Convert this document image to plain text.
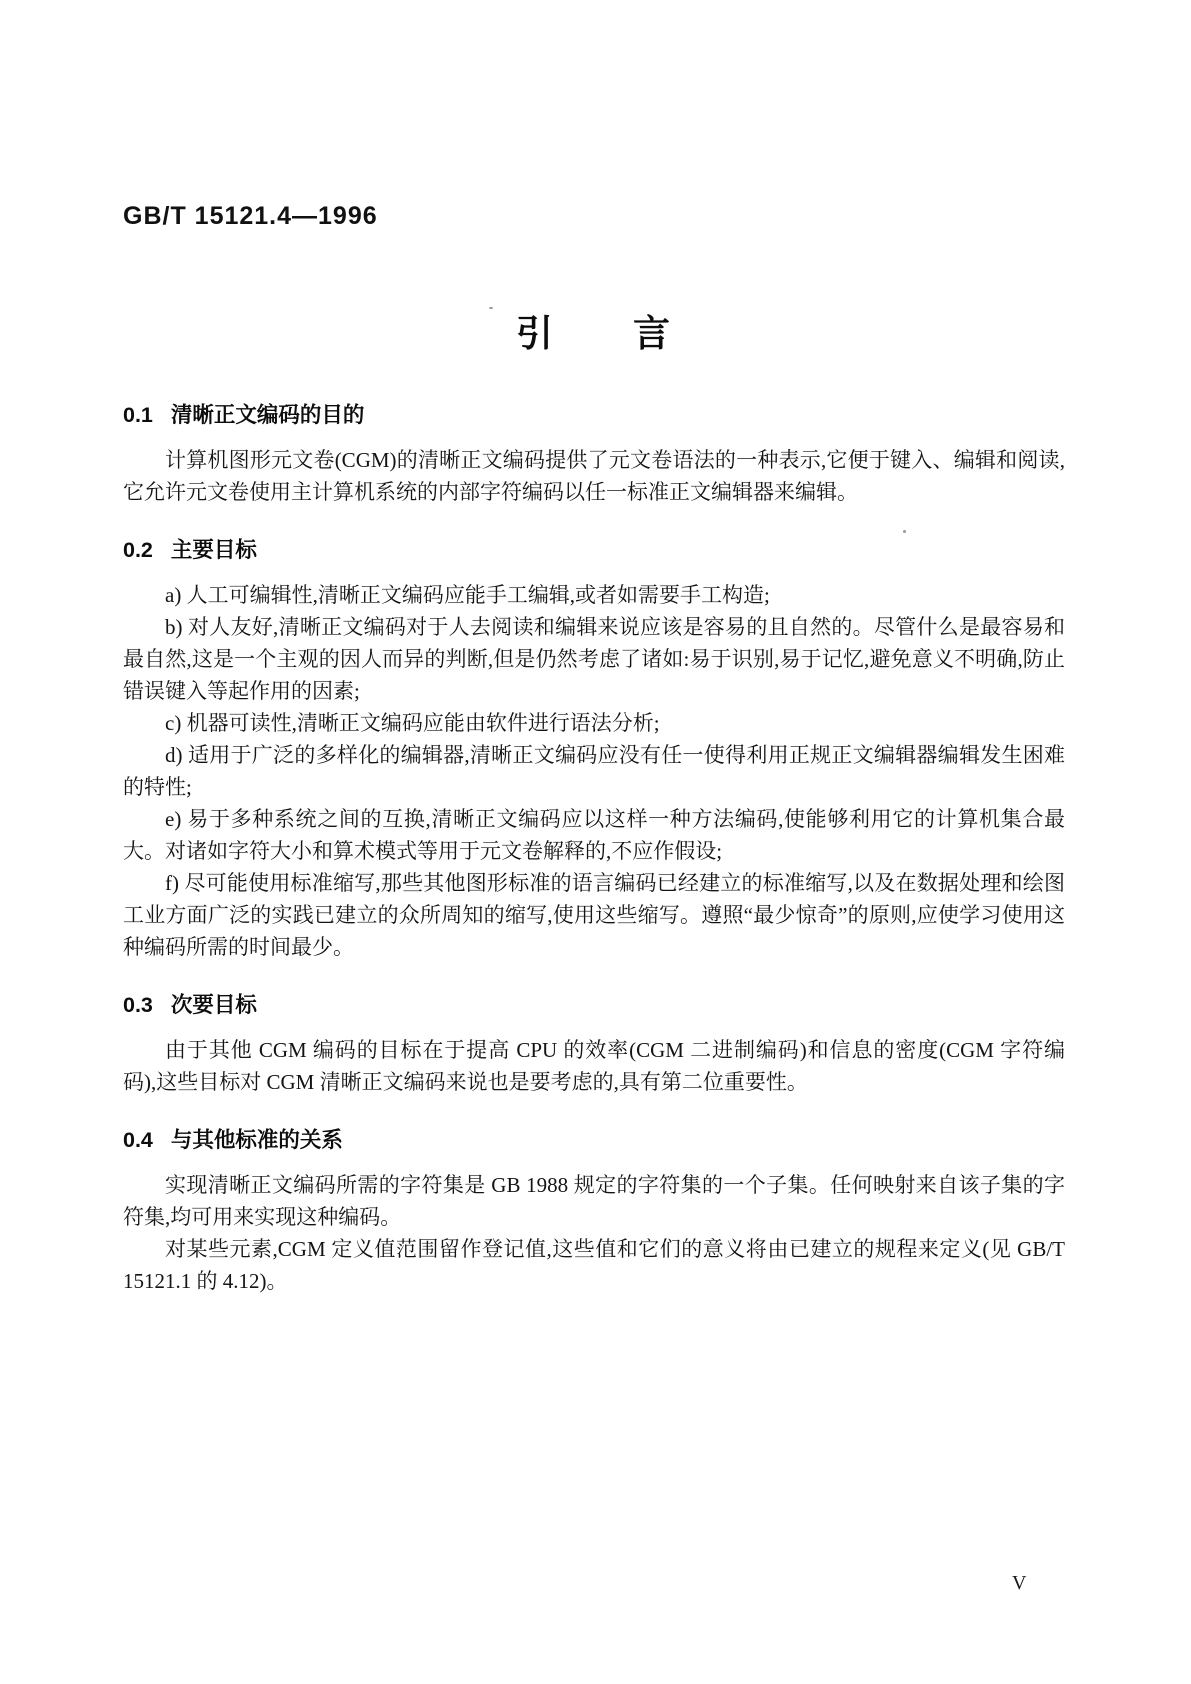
GB/T 15121.4—1996
引　　言
0.1 清晰正文编码的目的

计算机图形元文卷(CGM)的清晰正文编码提供了元文卷语法的一种表示,它便于键入、编辑和阅读,它允许元文卷使用主计算机系统的内部字符编码以任一标准正文编辑器来编辑。

0.2 主要目标

a) 人工可编辑性,清晰正文编码应能手工编辑,或者如需要手工构造;

b) 对人友好,清晰正文编码对于人去阅读和编辑来说应该是容易的且自然的。尽管什么是最容易和最自然,这是一个主观的因人而异的判断,但是仍然考虑了诸如:易于识别,易于记忆,避免意义不明确,防止错误键入等起作用的因素;

c) 机器可读性,清晰正文编码应能由软件进行语法分析;

d) 适用于广泛的多样化的编辑器,清晰正文编码应没有任一使得利用正规正文编辑器编辑发生困难的特性;

e) 易于多种系统之间的互换,清晰正文编码应以这样一种方法编码,使能够利用它的计算机集合最大。对诸如字符大小和算术模式等用于元文卷解释的,不应作假设;

f) 尽可能使用标准缩写,那些其他图形标准的语言编码已经建立的标准缩写,以及在数据处理和绘图工业方面广泛的实践已建立的众所周知的缩写,使用这些缩写。遵照“最少惊奇”的原则,应使学习使用这种编码所需的时间最少。

0.3 次要目标

由于其他 CGM 编码的目标在于提高 CPU 的效率(CGM 二进制编码)和信息的密度(CGM 字符编码),这些目标对 CGM 清晰正文编码来说也是要考虑的,具有第二位重要性。

0.4 与其他标准的关系

实现清晰正文编码所需的字符集是 GB 1988 规定的字符集的一个子集。任何映射来自该子集的字符集,均可用来实现这种编码。

对某些元素,CGM 定义值范围留作登记值,这些值和它们的意义将由已建立的规程来定义(见 GB/T 15121.1 的 4.12)。

V
